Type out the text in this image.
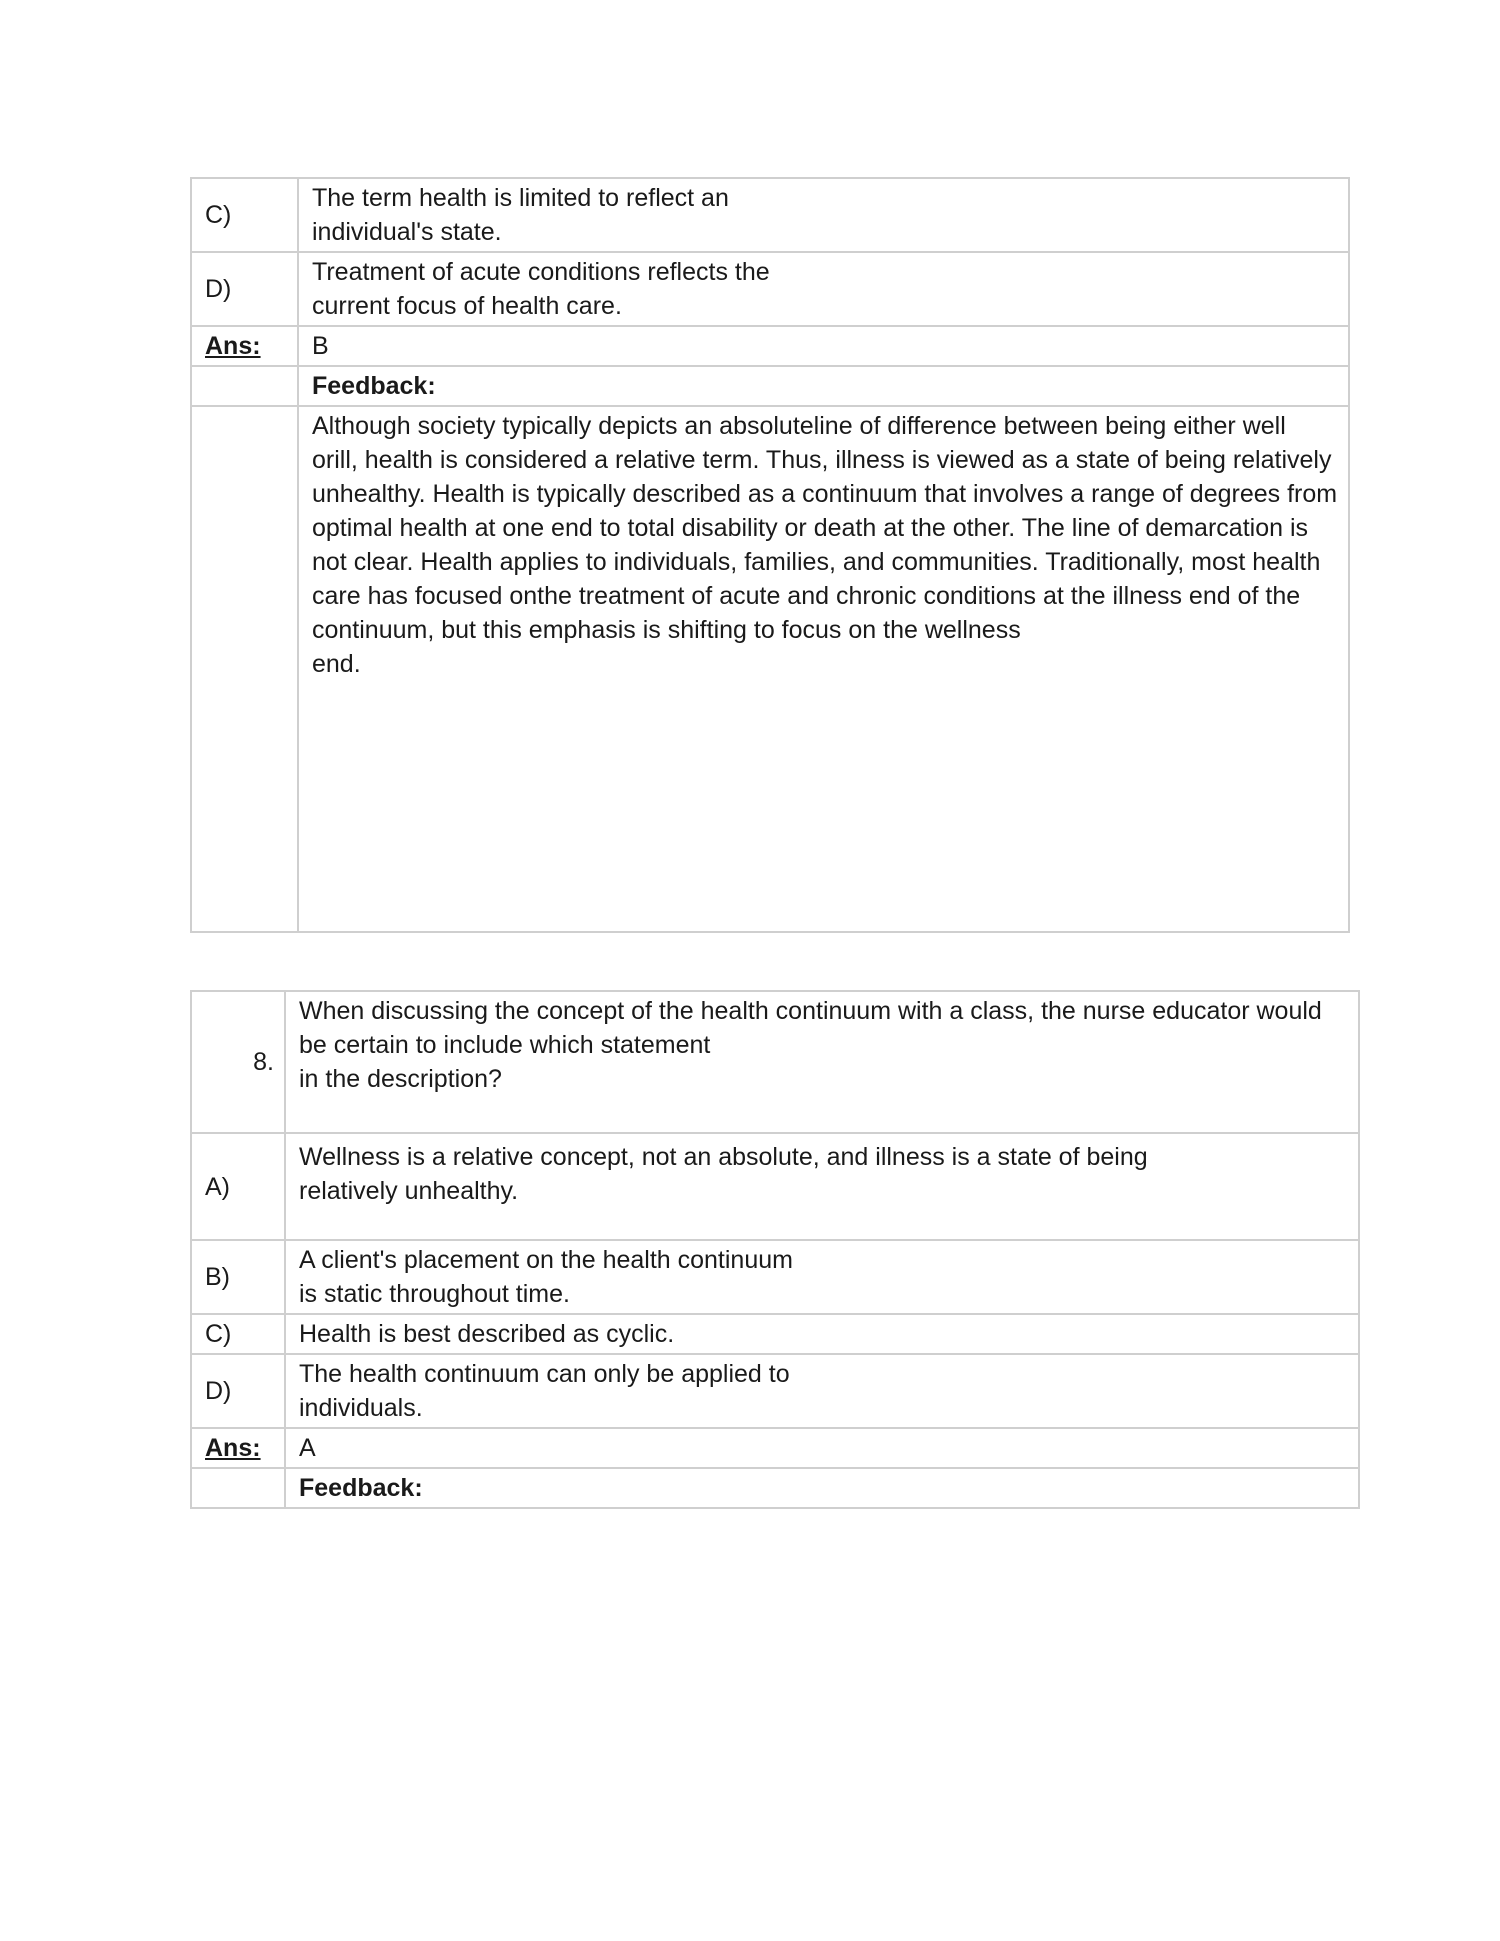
C)	The term health is limited to reflect an
individual's state.
D)	Treatment of acute conditions reflects the
current focus of health care.
Ans:	B
	Feedback:

	Although society typically depicts an absoluteline of difference between being either well orill, health is considered a relative term. Thus, illness is viewed as a state of being relatively unhealthy. Health is typically described as a continuum that involves a range of degrees from optimal health at one end to total disability or death at the other. The line of demarcation is not clear. Health applies to individuals, families, and communities. Traditionally, most health care has focused onthe treatment of acute and chronic conditions at the illness end of the continuum, but this emphasis is shifting to focus on the wellness
end.
8.	When discussing the concept of the health continuum with a class, the nurse educator would be certain to include which statement
in the description?
A)	Wellness is a relative concept, not an absolute, and illness is a state of being relatively unhealthy.
B)	A client's placement on the health continuum
is static throughout time.
C)	Health is best described as cyclic.
D)	The health continuum can only be applied to
individuals.
Ans:	A
	Feedback:
